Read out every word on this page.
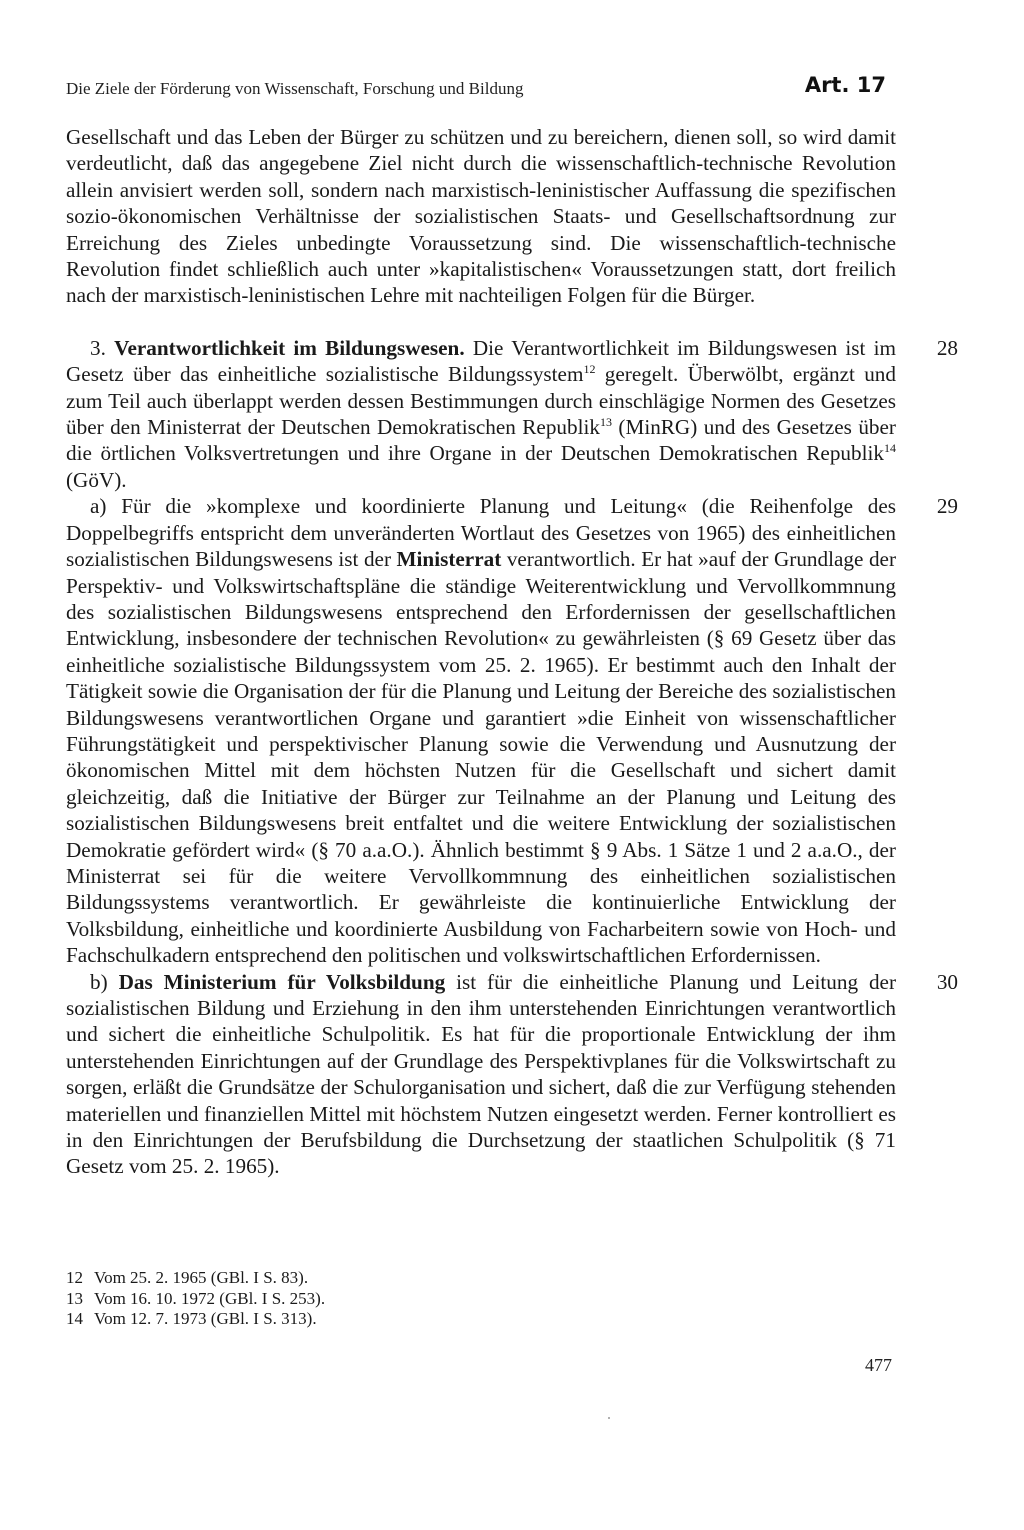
Die Ziele der Förderung von Wissenschaft, Forschung und Bildung	Art. 17

Gesellschaft und das Leben der Bürger zu schützen und zu bereichern, dienen soll, so wird damit verdeutlicht, daß das angegebene Ziel nicht durch die wissenschaftlich-technische Revolution allein anvisiert werden soll, sondern nach marxistisch-leninistischer Auffassung die spezifischen sozio-ökonomischen Verhältnisse der sozialistischen Staats- und Gesellschaftsordnung zur Erreichung des Zieles unbedingte Voraussetzung sind. Die wissenschaftlich-technische Revolution findet schließlich auch unter »kapitalistischen« Voraussetzungen statt, dort freilich nach der marxistisch-leninistischen Lehre mit nachteiligen Folgen für die Bürger.

28
3. Verantwortlichkeit im Bildungswesen. Die Verantwortlichkeit im Bildungswesen ist im Gesetz über das einheitliche sozialistische Bildungssystem$^{12}$ geregelt. Überwölbt, ergänzt und zum Teil auch überlappt werden dessen Bestimmungen durch einschlägige Normen des Gesetzes über den Ministerrat der Deutschen Demokratischen Republik$^{13}$ (MinRG) und des Gesetzes über die örtlichen Volksvertretungen und ihre Organe in der Deutschen Demokratischen Republik$^{14}$ (GöV).

29
a) Für die »komplexe und koordinierte Planung und Leitung« (die Reihenfolge des Doppelbegriffs entspricht dem unveränderten Wortlaut des Gesetzes von 1965) des einheitlichen sozialistischen Bildungswesens ist der Ministerrat verantwortlich. Er hat »auf der Grundlage der Perspektiv- und Volkswirtschaftspläne die ständige Weiterentwicklung und Vervollkommnung des sozialistischen Bildungswesens entsprechend den Erfordernissen der gesellschaftlichen Entwicklung, insbesondere der technischen Revolution« zu gewährleisten (§ 69 Gesetz über das einheitliche sozialistische Bildungssystem vom 25. 2. 1965). Er bestimmt auch den Inhalt der Tätigkeit sowie die Organisation der für die Planung und Leitung der Bereiche des sozialistischen Bildungswesens verantwortlichen Organe und garantiert »die Einheit von wissenschaftlicher Führungstätigkeit und perspektivischer Planung sowie die Verwendung und Ausnutzung der ökonomischen Mittel mit dem höchsten Nutzen für die Gesellschaft und sichert damit gleichzeitig, daß die Initiative der Bürger zur Teilnahme an der Planung und Leitung des sozialistischen Bildungswesens breit entfaltet und die weitere Entwicklung der sozialistischen Demokratie gefördert wird« (§ 70 a.a.O.). Ähnlich bestimmt § 9 Abs. 1 Sätze 1 und 2 a.a.O., der Ministerrat sei für die weitere Vervollkommnung des einheitlichen sozialistischen Bildungssystems verantwortlich. Er gewährleiste die kontinuierliche Entwicklung der Volksbildung, einheitliche und koordinierte Ausbildung von Facharbeitern sowie von Hoch- und Fachschulkadern entsprechend den politischen und volkswirtschaftlichen Erfordernissen.

30
b) Das Ministerium für Volksbildung ist für die einheitliche Planung und Leitung der sozialistischen Bildung und Erziehung in den ihm unterstehenden Einrichtungen verantwortlich und sichert die einheitliche Schulpolitik. Es hat für die proportionale Entwicklung der ihm unterstehenden Einrichtungen auf der Grundlage des Perspektivplanes für die Volkswirtschaft zu sorgen, erläßt die Grundsätze der Schulorganisation und sichert, daß die zur Verfügung stehenden materiellen und finanziellen Mittel mit höchstem Nutzen eingesetzt werden. Ferner kontrolliert es in den Einrichtungen der Berufsbildung die Durchsetzung der staatlichen Schulpolitik (§ 71 Gesetz vom 25. 2. 1965).

12 Vom 25. 2. 1965 (GBl. I S. 83).
13 Vom 16. 10. 1972 (GBl. I S. 253).
14 Vom 12. 7. 1973 (GBl. I S. 313).
477
